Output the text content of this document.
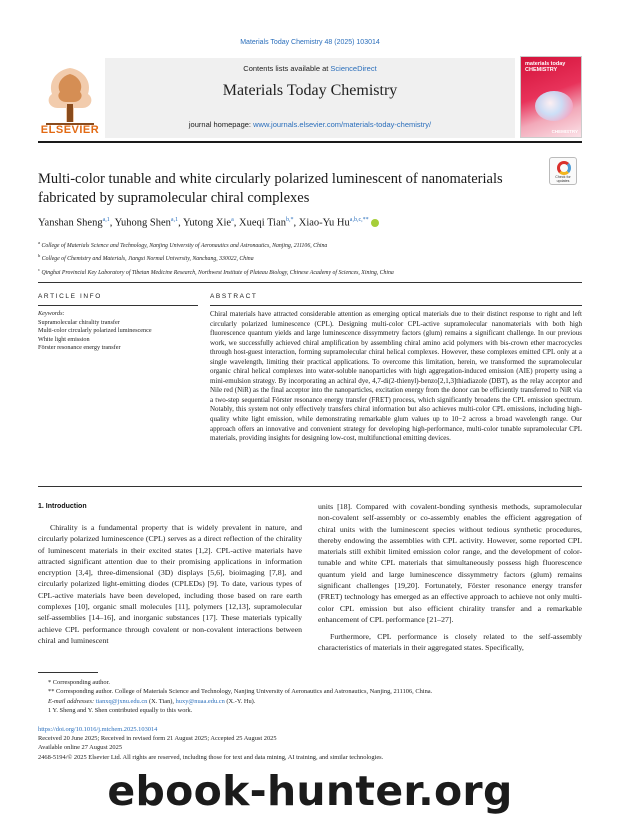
Materials Today Chemistry 48 (2025) 103014
ELSEVIER
Contents lists available at ScienceDirect
Materials Today Chemistry
journal homepage: www.journals.elsevier.com/materials-today-chemistry/
materials today CHEMISTRY
CHEMISTRY
Check for updates
Multi-color tunable and white circularly polarized luminescent of nanomaterials fabricated by supramolecular chiral complexes
Yanshan Sheng$^{a,1}$, Yuhong Shen$^{a,1}$, Yutong Xie$^a$, Xueqi Tian$^{b,*}$, Xiao-Yu $Hu^{a,b,c,**}$
$^a$ College of Materials Science and Technology, Nanjing University of Aeronautics and Astronautics, Nanjing, 211106, China
$^b$ College of Chemistry and Materials, Jiangxi Normal University, Nanchang, 330022, China
$^c$ Qinghai Provincial Key Laboratory of Tibetan Medicine Research, Northwest Institute of Plateau Biology, Chinese Academy of Sciences, Xining, China
ARTICLE INFO	ABSTRACT
Keywords:
Supramolecular chirality transfer
Multi-color circularly polarized luminescence
White light emission
Förster resonance energy transfer
Chiral materials have attracted considerable attention as emerging optical materials due to their distinct response to right and left circularly polarized luminescence (CPL). Designing multi-color CPL-active supramolecular nanomaterials with both high fluorescence quantum yields and large luminescence dissymmetry factors (glum) remains a significant challenge. In our previous work, we successfully achieved chiral amplification by assembling chiral amino acid polymers with bis-crown ether macrocycles through host-guest interaction, forming supramolecular chiral helical complexes. However, these complexes emitted CPL only at a single wavelength, limiting their practical applications. To overcome this limitation, herein, we transformed the supramolecular organic chiral helical complexes into water-soluble nanoparticles with high aggregation-induced emission (AIE) property using a mini-emulsion strategy. By incorporating an achiral dye, 4,7-di(2-thienyl)-benzo[2,1,3]thiadiazole (DBT), as the relay acceptor and Nile red (NiR) as the final acceptor into the nanoparticles, excitation energy from the donor can be efficiently transferred to NiR via a two-step sequential Förster resonance energy transfer (FRET) process, which significantly broadens the CPL emission spectrum. Notably, this system not only effectively transfers chiral information but also achieves multi-color CPL emissions, including high-quality white light emission, while demonstrating remarkable glum values up to 10−2 across a broad wavelength range. Our approach offers an innovative and convenient strategy for developing high-performance, multi-color tunable supramolecular CPL materials, providing insights for designing low-cost, multifunctional emitting devices.
1. Introduction
Chirality is a fundamental property that is widely prevalent in nature, and circularly polarized luminescence (CPL) serves as a direct reflection of the chirality of luminescent materials in their excited states [1,2]. CPL-active materials have attracted significant attention due to their promising applications in information encryption [3,4], three-dimensional (3D) displays [5,6], bioimaging [7,8], and circularly polarized light-emitting diodes (CPLEDs) [9]. To date, various types of CPL-active materials have been developed, including those based on rare earth complexes [10], organic small molecules [11], polymers [12,13], supramolecular self-assemblies [14–16], and inorganic substances [17]. These materials typically achieve CPL performance through covalent or non-covalent interactions between chiral and luminescent
units [18]. Compared with covalent-bonding synthesis methods, supramolecular non-covalent self-assembly or co-assembly enables the efficient aggregation of chiral units with the luminescent species without tedious synthetic procedures, thereby endowing the assemblies with CPL activity. However, some reported CPL materials still exhibit limited emission color range, and the development of color-tunable and white CPL materials that simultaneously possess high fluorescence quantum yield and large luminescence dissymmetry factors (glum) remains significant challenges [19,20]. Fortunately, Förster resonance energy transfer (FRET) technology has emerged as an effective approach to achieve not only multi-color CPL emission but also efficient chirality transfer and a remarkable enhancement of CPL performance [21–27].
Furthermore, CPL performance is closely related to the self-assembly characteristics of materials in their aggregated states. Specifically,
* Corresponding author.
** Corresponding author. College of Materials Science and Technology, Nanjing University of Aeronautics and Astronautics, Nanjing, 211106, China.
E-mail addresses: tianxq@jxnu.edu.cn (X. Tian), huxy@nuaa.edu.cn (X.-Y. Hu).
1 Y. Sheng and Y. Shen contributed equally to this work.
https://doi.org/10.1016/j.mtchem.2025.103014
Received 20 June 2025; Received in revised form 21 August 2025; Accepted 25 August 2025
Available online 27 August 2025
2468-5194/© 2025 Elsevier Ltd. All rights are reserved, including those for text and data mining, AI training, and similar technologies.
ebook-hunter.org
